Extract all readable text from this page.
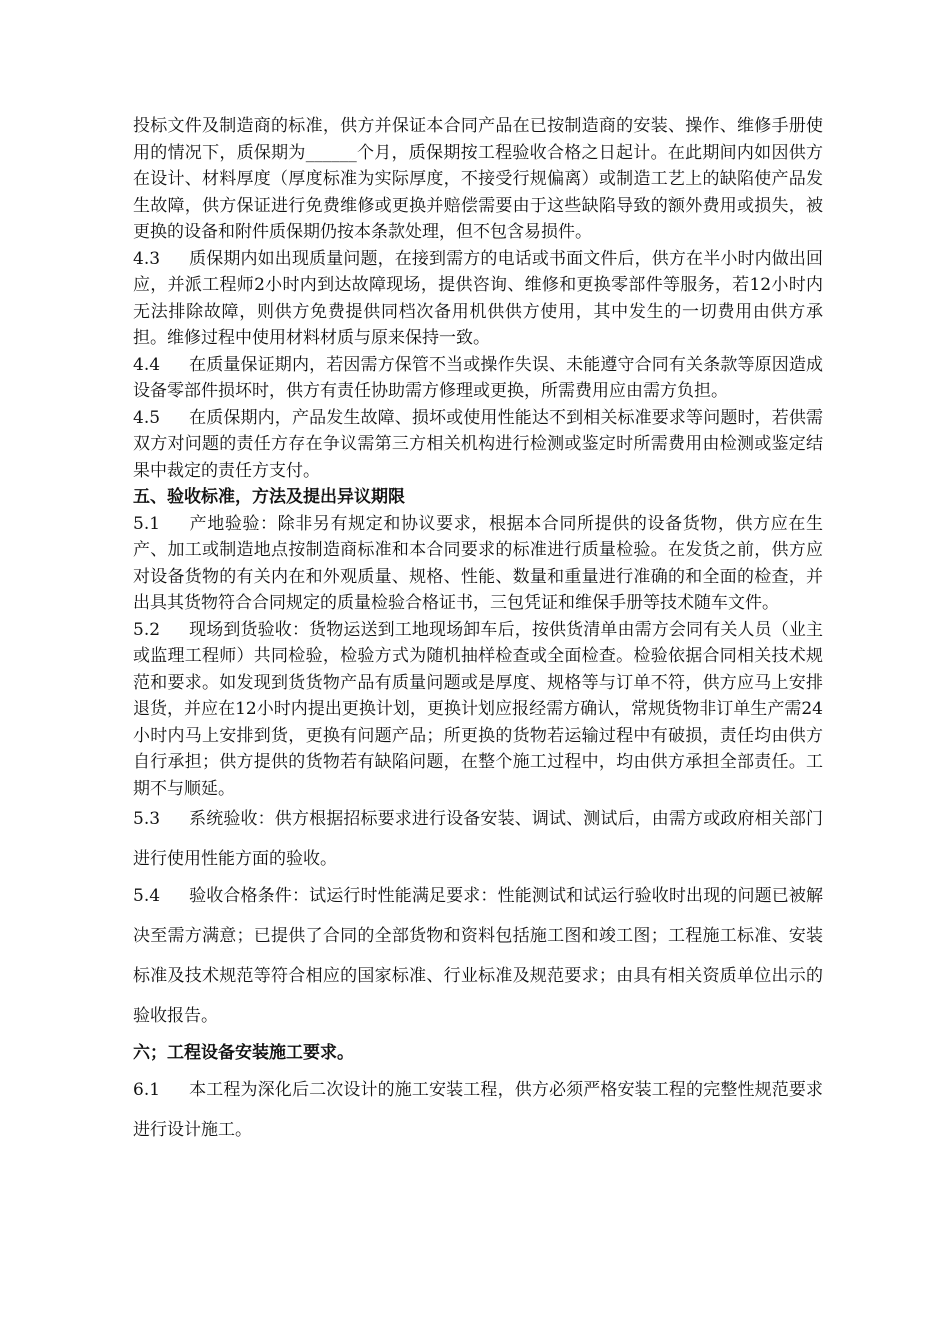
投标文件及制造商的标准，供方并保证本合同产品在已按制造商的安装、操作、维修手册使用的情况下，质保期为______个月，质保期按工程验收合格之日起计。在此期间内如因供方在设计、材料厚度（厚度标准为实际厚度，不接受行规偏离）或制造工艺上的缺陷使产品发生故障，供方保证进行免费维修或更换并赔偿需要由于这些缺陷导致的额外费用或损失，被更换的设备和附件质保期仍按本条款处理，但不包含易损件。

4.3 质保期内如出现质量问题，在接到需方的电话或书面文件后，供方在半小时内做出回应，并派工程师2小时内到达故障现场，提供咨询、维修和更换零部件等服务，若12小时内无法排除故障，则供方免费提供同档次备用机供供方使用，其中发生的一切费用由供方承担。维修过程中使用材料材质与原来保持一致。

4.4 在质量保证期内，若因需方保管不当或操作失误、未能遵守合同有关条款等原因造成设备零部件损坏时，供方有责任协助需方修理或更换，所需费用应由需方负担。

4.5 在质保期内，产品发生故障、损坏或使用性能达不到相关标准要求等问题时，若供需双方对问题的责任方存在争议需第三方相关机构进行检测或鉴定时所需费用由检测或鉴定结果中裁定的责任方支付。

五、验收标准，方法及提出异议期限

5.1 产地验验：除非另有规定和协议要求，根据本合同所提供的设备货物，供方应在生产、加工或制造地点按制造商标准和本合同要求的标准进行质量检验。在发货之前，供方应对设备货物的有关内在和外观质量、规格、性能、数量和重量进行准确的和全面的检查，并出具其货物符合合同规定的质量检验合格证书，三包凭证和维保手册等技术随车文件。

5.2 现场到货验收：货物运送到工地现场卸车后，按供货清单由需方会同有关人员（业主或监理工程师）共同检验，检验方式为随机抽样检查或全面检查。检验依据合同相关技术规范和要求。如发现到货货物产品有质量问题或是厚度、规格等与订单不符，供方应马上安排退货，并应在12小时内提出更换计划，更换计划应报经需方确认，常规货物非订单生产需24小时内马上安排到货，更换有问题产品；所更换的货物若运输过程中有破损，责任均由供方自行承担；供方提供的货物若有缺陷问题，在整个施工过程中，均由供方承担全部责任。工期不与顺延。

5.3 系统验收：供方根据招标要求进行设备安装、调试、测试后，由需方或政府相关部门进行使用性能方面的验收。

5.4 验收合格条件：试运行时性能满足要求：性能测试和试运行验收时出现的问题已被解决至需方满意；已提供了合同的全部货物和资料包括施工图和竣工图；工程施工标准、安装标准及技术规范等符合相应的国家标准、行业标准及规范要求；由具有相关资质单位出示的验收报告。

六；工程设备安装施工要求。

6.1 本工程为深化后二次设计的施工安装工程，供方必须严格安装工程的完整性规范要求进行设计施工。
